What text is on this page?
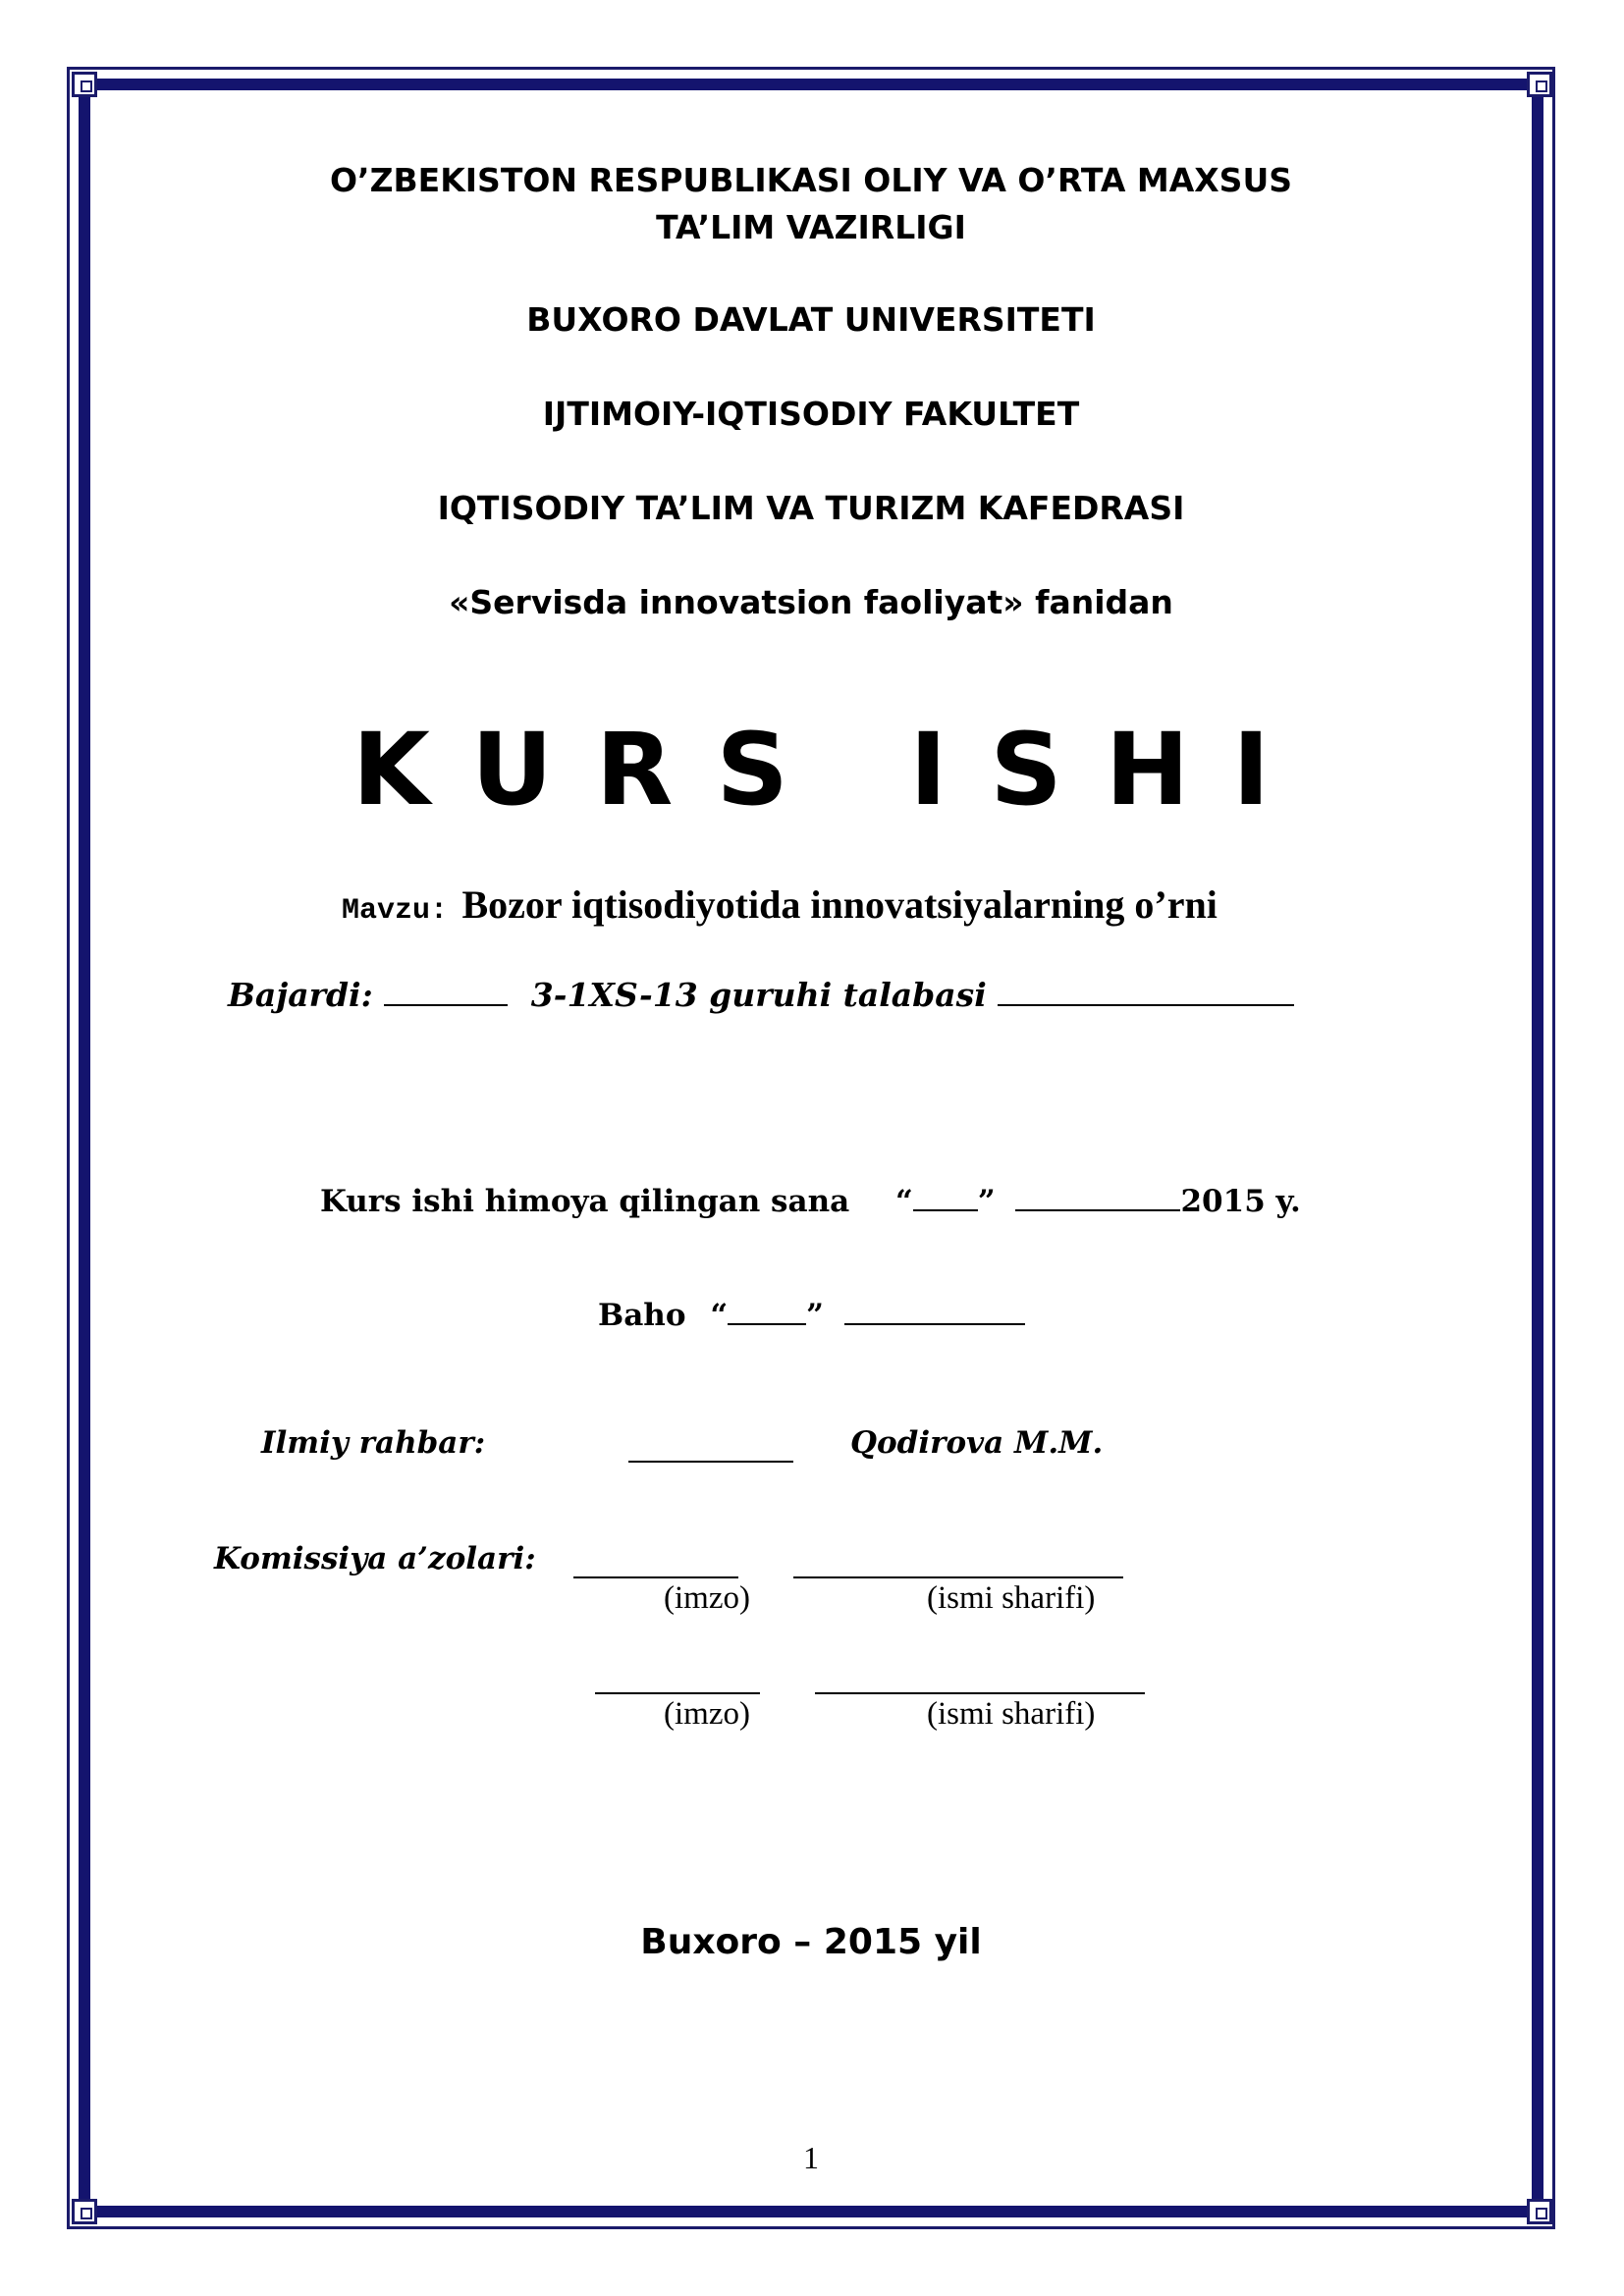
O’ZBEKISTON RESPUBLIKASI OLIY VA O’RTA MAXSUS
TA’LIM VAZIRLIGI
BUXORO DAVLAT UNIVERSITETI
IJTIMOIY-IQTISODIY FAKULTET
IQTISODIY TA’LIM VA TURIZM KAFEDRASI
«Servisda innovatsion faoliyat» fanidan
KURS ISHI
Mavzu: Bozor iqtisodiyotida innovatsiyalarning o’rni
Bajardi:	3-1XS-13 guruhi talabasi
Kurs ishi himoya qilingan sana “ ”	2015 y.
Baho “	”
Ilmiy rahbar:	Qodirova M.M.
Komissiya a’zolari:
(imzo)	(ismi sharifi)
(imzo)	(ismi sharifi)
Buxoro – 2015 yil
1
